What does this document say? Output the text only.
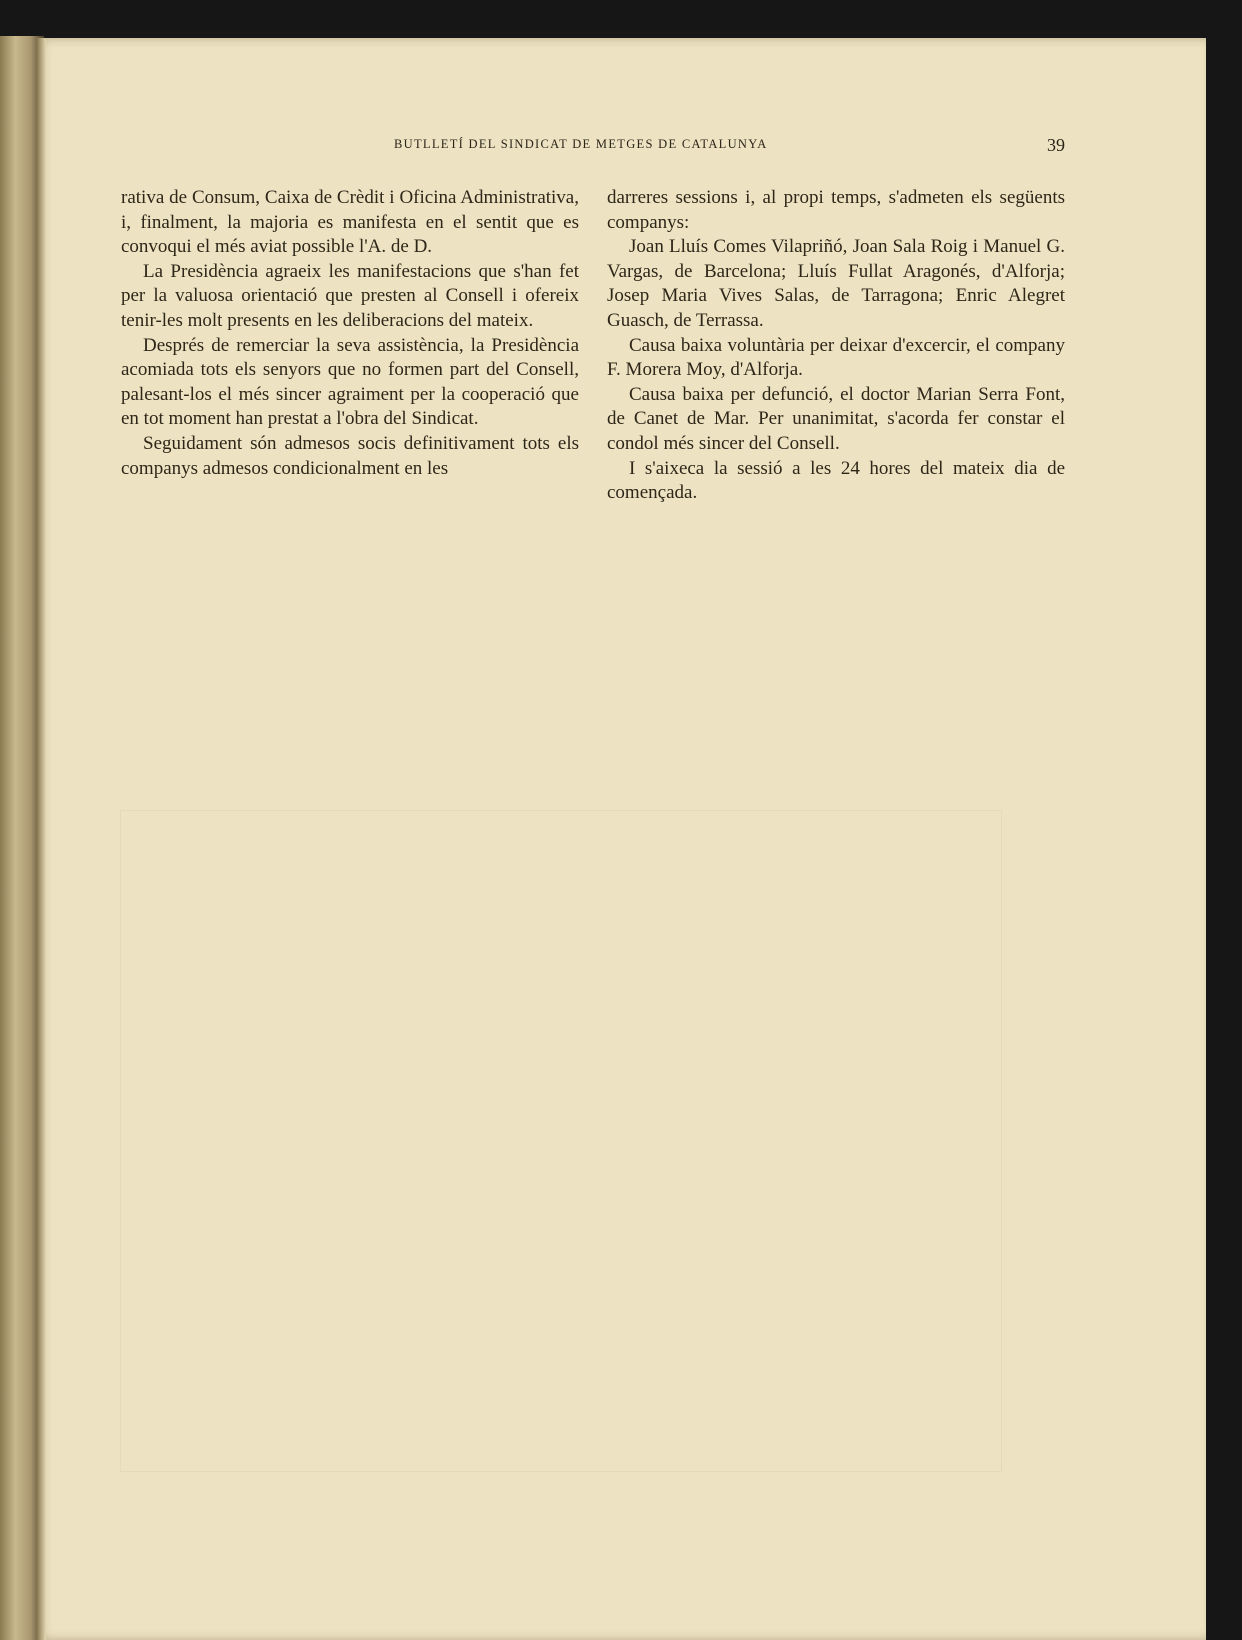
BUTLLETÍ DEL SINDICAT DE METGES DE CATALUNYA	39

rativa de Consum, Caixa de Crèdit i Oficina Administrativa, i, finalment, la majoria es manifesta en el sentit que es convoqui el més aviat possible l'A. de D.

La Presidència agraeix les manifestacions que s'han fet per la valuosa orientació que presten al Consell i ofereix tenir-les molt presents en les deliberacions del mateix.

Després de remerciar la seva assistència, la Presidència acomiada tots els senyors que no formen part del Consell, palesant-los el més sincer agraiment per la cooperació que en tot moment han prestat a l'obra del Sindicat.

Seguidament són admesos socis definitivament tots els companys admesos condicionalment en les

darreres sessions i, al propi temps, s'admeten els següents companys:

Joan Lluís Comes Vilapriñó, Joan Sala Roig i Manuel G. Vargas, de Barcelona; Lluís Fullat Aragonés, d'Alforja; Josep Maria Vives Salas, de Tarragona; Enric Alegret Guasch, de Terrassa.

Causa baixa voluntària per deixar d'excercir, el company F. Morera Moy, d'Alforja.

Causa baixa per defunció, el doctor Marian Serra Font, de Canet de Mar. Per unanimitat, s'acorda fer constar el condol més sincer del Consell.

I s'aixeca la sessió a les 24 hores del mateix dia de començada.
